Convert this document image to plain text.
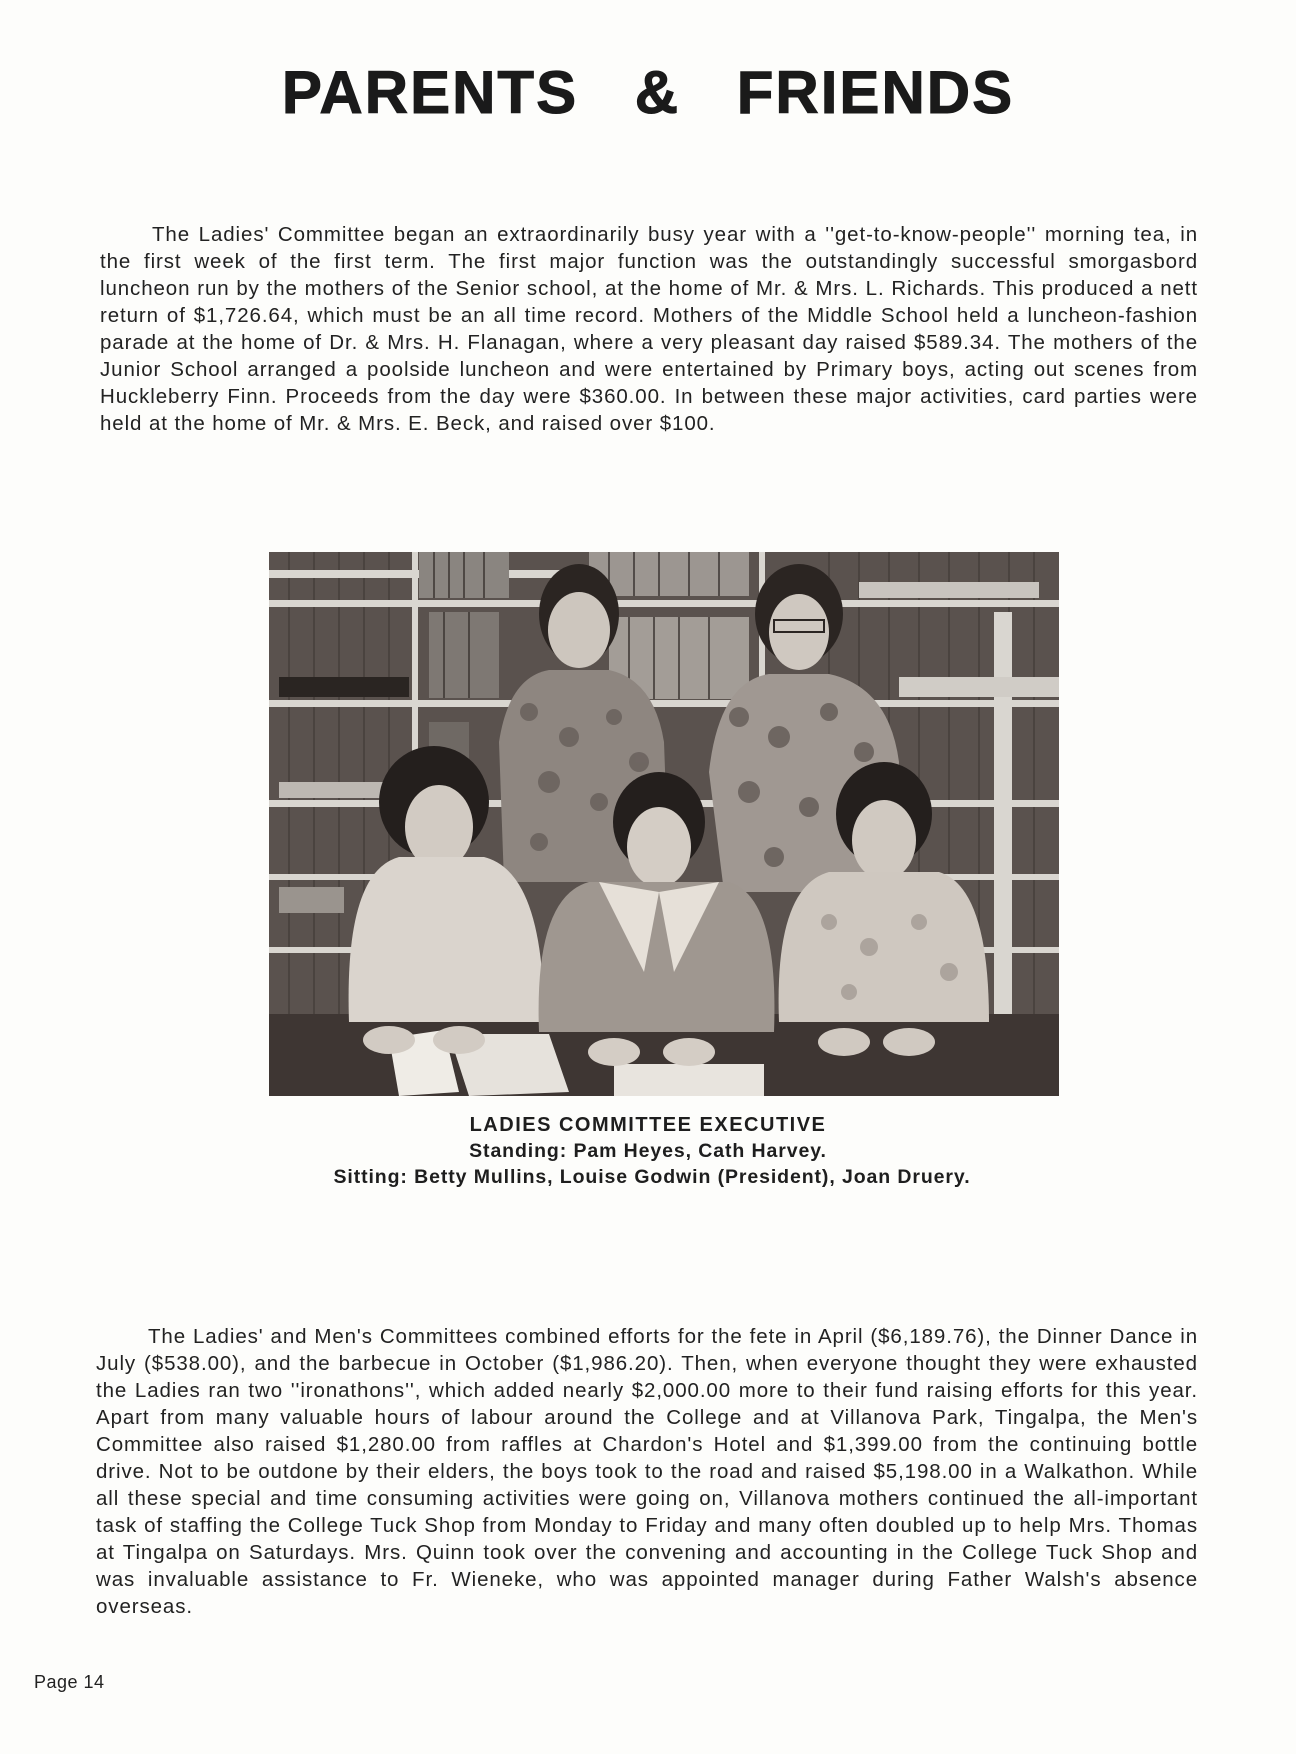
PARENTS & FRIENDS

The Ladies' Committee began an extraordinarily busy year with a ''get-to-know-people'' morning tea, in the first week of the first term. The first major function was the outstandingly successful smorgasbord luncheon run by the mothers of the Senior school, at the home of Mr. & Mrs. L. Richards. This produced a nett return of $1,726.64, which must be an all time record. Mothers of the Middle School held a luncheon-fashion parade at the home of Dr. & Mrs. H. Flanagan, where a very pleasant day raised $589.34. The mothers of the Junior School arranged a poolside luncheon and were entertained by Primary boys, acting out scenes from Huckleberry Finn. Proceeds from the day were $360.00. In between these major activities, card parties were held at the home of Mr. & Mrs. E. Beck, and raised over $100.

LADIES COMMITTEE EXECUTIVE
Standing: Pam Heyes, Cath Harvey.
Sitting: Betty Mullins, Louise Godwin (President), Joan Druery.

The Ladies' and Men's Committees combined efforts for the fete in April ($6,189.76), the Dinner Dance in July ($538.00), and the barbecue in October ($1,986.20). Then, when everyone thought they were exhausted the Ladies ran two ''ironathons'', which added nearly $2,000.00 more to their fund raising efforts for this year. Apart from many valuable hours of labour around the College and at Villanova Park, Tingalpa, the Men's Committee also raised $1,280.00 from raffles at Chardon's Hotel and $1,399.00 from the continuing bottle drive. Not to be outdone by their elders, the boys took to the road and raised $5,198.00 in a Walkathon. While all these special and time consuming activities were going on, Villanova mothers continued the all-important task of staffing the College Tuck Shop from Monday to Friday and many often doubled up to help Mrs. Thomas at Tingalpa on Saturdays. Mrs. Quinn took over the convening and accounting in the College Tuck Shop and was invaluable assistance to Fr. Wieneke, who was appointed manager during Father Walsh's absence overseas.

Page 14
